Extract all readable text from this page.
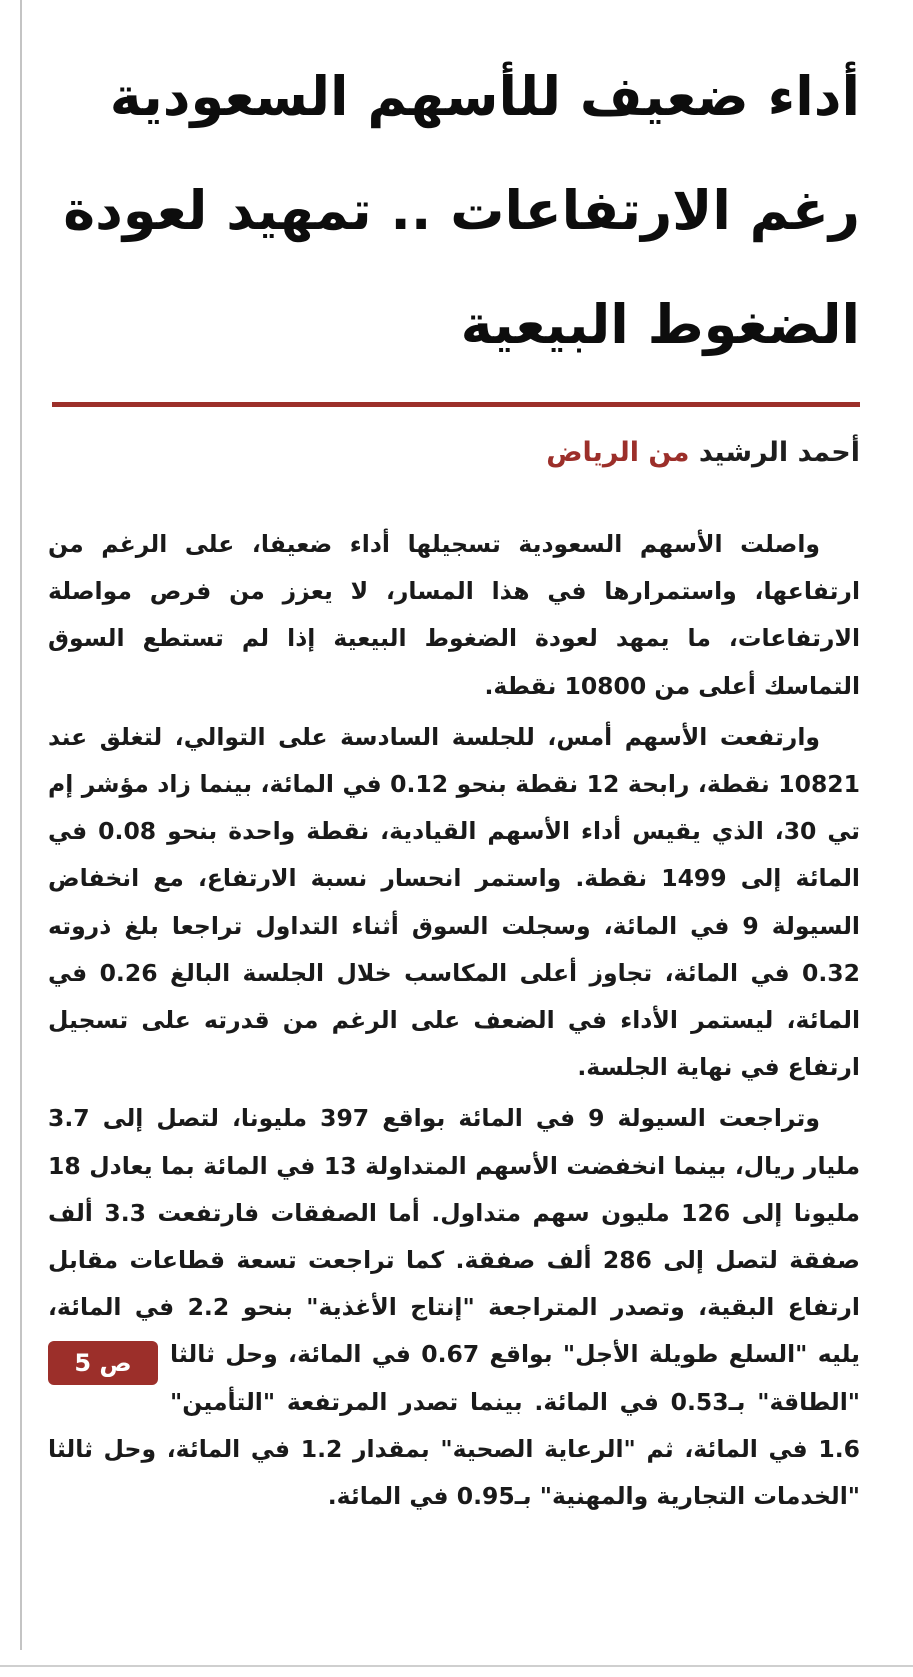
أداء ضعيف للأسهم السعودية رغم الارتفاعات .. تمهيد لعودة الضغوط البيعية
أحمد الرشيد من الرياض

واصلت الأسهم السعودية تسجيلها أداء ضعيفا، على الرغم من ارتفاعها، واستمرارها في هذا المسار، لا يعزز من فرص مواصلة الارتفاعات، ما يمهد لعودة الضغوط البيعية إذا لم تستطع السوق التماسك أعلى من 10800 نقطة.

وارتفعت الأسهم أمس، للجلسة السادسة على التوالي، لتغلق عند 10821 نقطة، رابحة 12 نقطة بنحو 0.12 في المائة، بينما زاد مؤشر إم تي 30، الذي يقيس أداء الأسهم القيادية، نقطة واحدة بنحو 0.08 في المائة إلى 1499 نقطة. واستمر انحسار نسبة الارتفاع، مع انخفاض السيولة 9 في المائة، وسجلت السوق أثناء التداول تراجعا بلغ ذروته 0.32 في المائة، تجاوز أعلى المكاسب خلال الجلسة البالغ 0.26 في المائة، ليستمر الأداء في الضعف على الرغم من قدرته على تسجيل ارتفاع في نهاية الجلسة.

وتراجعت السيولة 9 في المائة بواقع 397 مليونا، لتصل إلى 3.7 مليار ريال، بينما انخفضت الأسهم المتداولة 13 في المائة بما يعادل 18 مليونا إلى 126 مليون سهم متداول. أما الصفقات فارتفعت 3.3 ألف صفقة لتصل إلى 286 ألف صفقة. كما تراجعت تسعة قطاعات مقابل ارتفاع البقية، وتصدر المتراجعة "إنتاج الأغذية" بنحو 2.2 في المائة، يليه "السلع طويلة الأجل"
ص 5	بواقع 0.67 في المائة، وحل ثالثا "الطاقة" بـ0.53 في المائة. بينما تصدر المرتفعة "التأمين" 1.6 في المائة، ثم "الرعاية الصحية" بمقدار 1.2 في المائة، وحل ثالثا "الخدمات التجارية والمهنية" بـ0.95 في المائة.
